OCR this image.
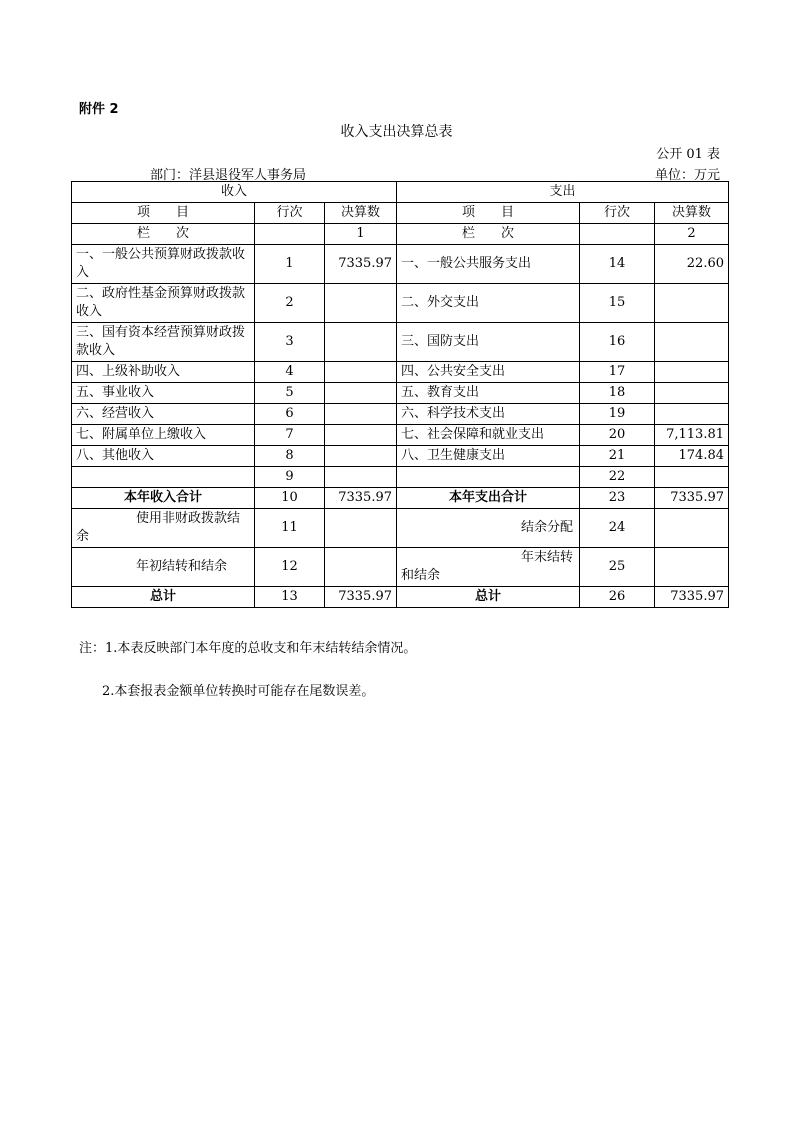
附件 2
收入支出决算总表
公开 01 表
部门：洋县退役军人事务局	单位：万元
收入			支出		
项　　目	行次	决算数	项　　目	行次	决算数
栏　　次		1	栏　　次		2
一、一般公共预算财政拨款收入	1	7335.97	一、一般公共服务支出	14	22.60
二、政府性基金预算财政拨款收入	2		二、外交支出	15	
三、国有资本经营预算财政拨款收入	3		三、国防支出	16	
四、上级补助收入	4		四、公共安全支出	17	
五、事业收入	5		五、教育支出	18	
六、经营收入	6		六、科学技术支出	19	
七、附属单位上缴收入	7		七、社会保障和就业支出	20	7,113.81
八、其他收入	8		八、卫生健康支出	21	174.84
	9			22	
本年收入合计	10	7335.97	本年支出合计	23	7335.97
使用非财政拨款结余	11		结余分配	24	
年初结转和结余	12		年末结转和结余	25	
总计	13	7335.97	总计	26	7335.97
注：1.本表反映部门本年度的总收支和年末结转结余情况。
2.本套报表金额单位转换时可能存在尾数误差。
